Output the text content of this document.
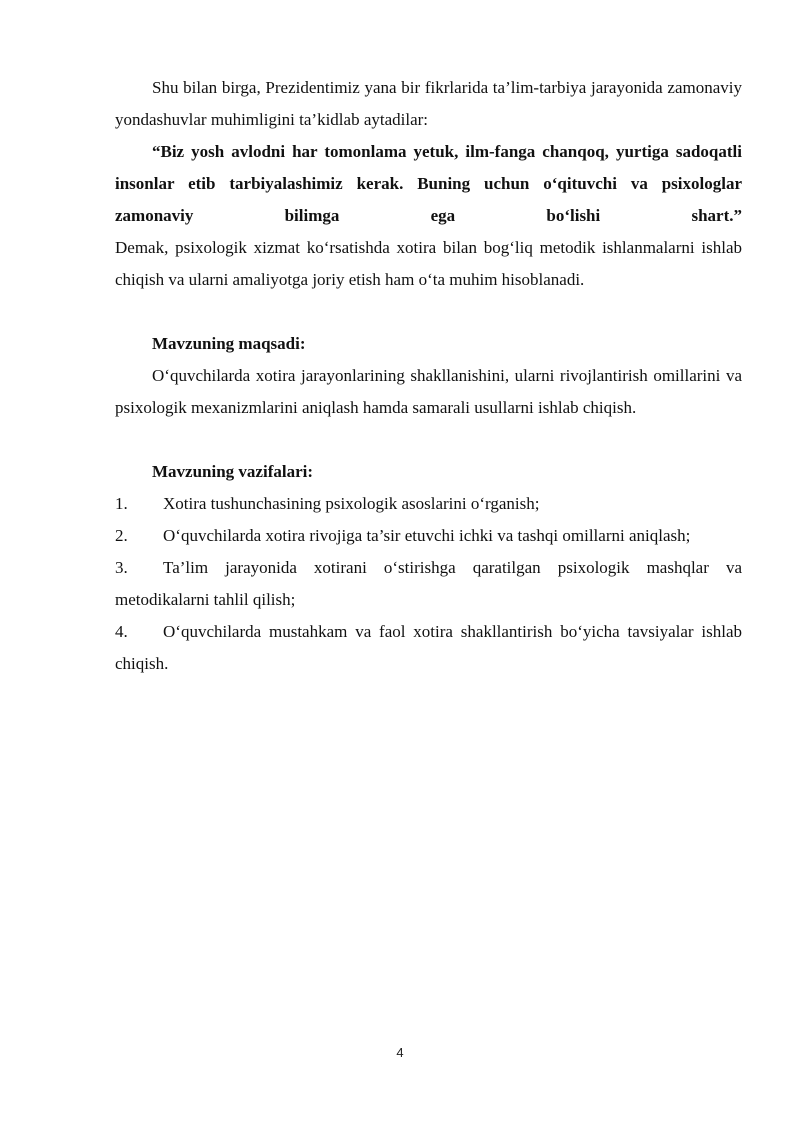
Shu bilan birga, Prezidentimiz yana bir fikrlarida ta’lim-tarbiya jarayonida zamonaviy yondashuvlar muhimligini ta’kidlab aytadilar:

“Biz yosh avlodni har tomonlama yetuk, ilm-fanga chanqoq, yurtiga sadoqatli insonlar etib tarbiyalashimiz kerak. Buning uchun o‘qituvchi va psixologlar zamonaviy bilimga ega bo‘lishi shart.”

Demak, psixologik xizmat ko‘rsatishda xotira bilan bog‘liq metodik ishlanmalarni ishlab chiqish va ularni amaliyotga joriy etish ham o‘ta muhim hisoblanadi.

Mavzuning maqsadi:

O‘quvchilarda xotira jarayonlarining shakllanishini, ularni rivojlantirish omillarini va psixologik mexanizmlarini aniqlash hamda samarali usullarni ishlab chiqish.

Mavzuning vazifalari:

1. Xotira tushunchasining psixologik asoslarini o‘rganish;
2. O‘quvchilarda xotira rivojiga ta’sir etuvchi ichki va tashqi omillarni aniqlash;
3. Ta’lim jarayonida xotirani o‘stirishga qaratilgan psixologik mashqlar va metodikalarni tahlil qilish;
4. O‘quvchilarda mustahkam va faol xotira shakllantirish bo‘yicha tavsiyalar ishlab chiqish.
4
